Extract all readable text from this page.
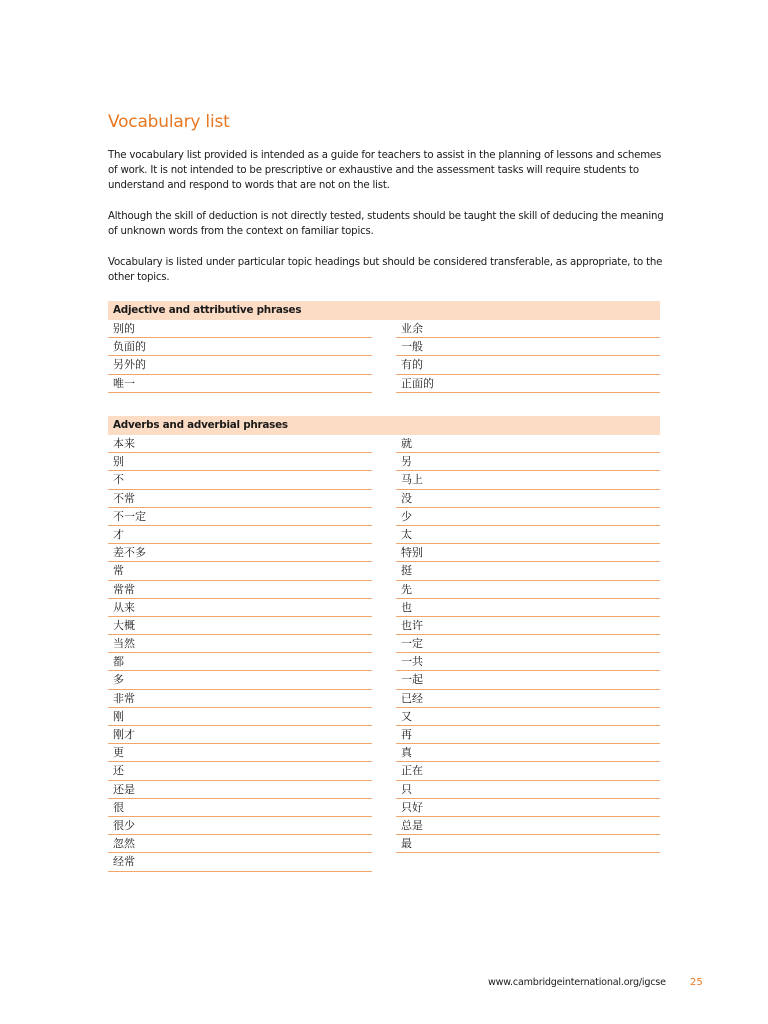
Vocabulary list

The vocabulary list provided is intended as a guide for teachers to assist in the planning of lessons and schemes of work. It is not intended to be prescriptive or exhaustive and the assessment tasks will require students to understand and respond to words that are not on the list.

Although the skill of deduction is not directly tested, students should be taught the skill of deducing the meaning of unknown words from the context on familiar topics.

Vocabulary is listed under particular topic headings but should be considered transferable, as appropriate, to the other topics.

Adjective and attributive phrases
别的
负面的
另外的
唯一
业余
一般
有的
正面的
Adverbs and adverbial phrases
本来
别
不
不常
不一定
才
差不多
常
常常
从来
大概
当然
都
多
非常
刚
刚才
更
还
还是
很
很少
忽然
经常
就
另
马上
没
少
太
特别
挺
先
也
也许
一定
一共
一起
已经
又
再
真
正在
只
只好
总是
最
www.cambridgeinternational.org/igcse 25
